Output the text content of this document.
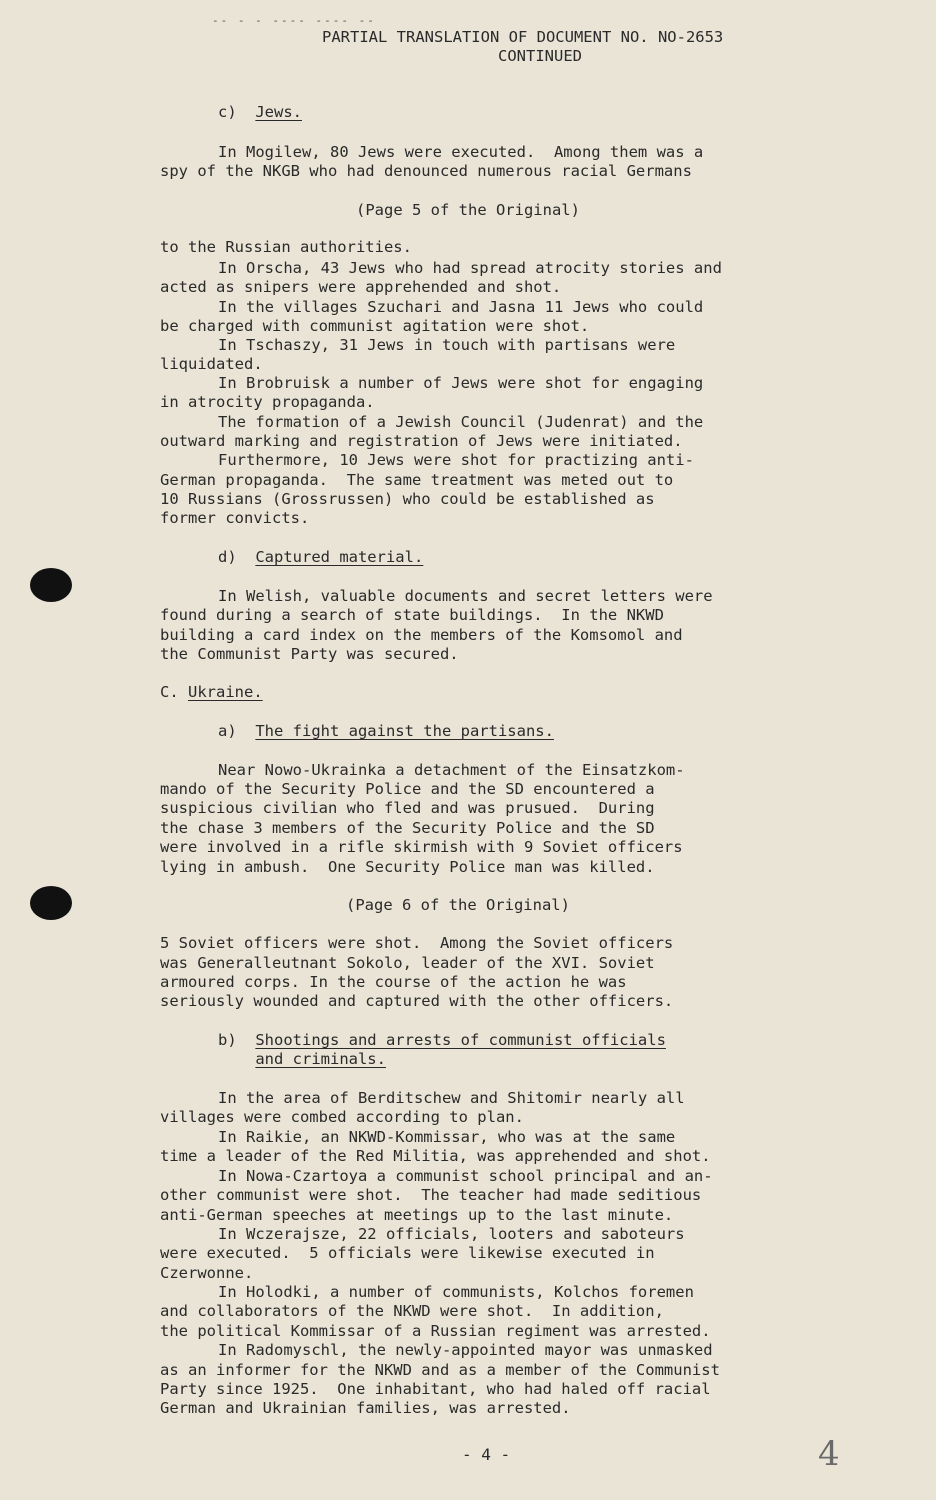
-- - - ---- ---- --
PARTIAL TRANSLATION OF DOCUMENT NO. NO-2653
CONTINUED
c)  Jews.
In Mogilew, 80 Jews were executed.  Among them was a
spy of the NKGB who had denounced numerous racial Germans
(Page 5 of the Original)
to the Russian authorities.
In Orscha, 43 Jews who had spread atrocity stories and
acted as snipers were apprehended and shot.
In the villages Szuchari and Jasna 11 Jews who could
be charged with communist agitation were shot.
In Tschaszy, 31 Jews in touch with partisans were
liquidated.
In Brobruisk a number of Jews were shot for engaging
in atrocity propaganda.
The formation of a Jewish Council (Judenrat) and the
outward marking and registration of Jews were initiated.
Furthermore, 10 Jews were shot for practizing anti-
German propaganda.  The same treatment was meted out to
10 Russians (Grossrussen) who could be established as
former convicts.
d)  Captured material.
In Welish, valuable documents and secret letters were
found during a search of state buildings.  In the NKWD
building a card index on the members of the Komsomol and
the Communist Party was secured.
C. Ukraine.
a)  The fight against the partisans.
Near Nowo-Ukrainka a detachment of the Einsatzkom-
mando of the Security Police and the SD encountered a
suspicious civilian who fled and was prusued.  During
the chase 3 members of the Security Police and the SD
were involved in a rifle skirmish with 9 Soviet officers
lying in ambush.  One Security Police man was killed.
(Page 6 of the Original)
5 Soviet officers were shot.  Among the Soviet officers
was Generalleutnant Sokolo, leader of the XVI. Soviet
armoured corps. In the course of the action he was
seriously wounded and captured with the other officers.
b)  Shootings and arrests of communist officials
and criminals.
In the area of Berditschew and Shitomir nearly all
villages were combed according to plan.
In Raikie, an NKWD-Kommissar, who was at the same
time a leader of the Red Militia, was apprehended and shot.
In Nowa-Czartoya a communist school principal and an-
other communist were shot.  The teacher had made seditious
anti-German speeches at meetings up to the last minute.
In Wczerajsze, 22 officials, looters and saboteurs
were executed.  5 officials were likewise executed in
Czerwonne.
In Holodki, a number of communists, Kolchos foremen
and collaborators of the NKWD were shot.  In addition,
the political Kommissar of a Russian regiment was arrested.
In Radomyschl, the newly-appointed mayor was unmasked
as an informer for the NKWD and as a member of the Communist
Party since 1925.  One inhabitant, who had haled off racial
German and Ukrainian families, was arrested.
- 4 -	4
